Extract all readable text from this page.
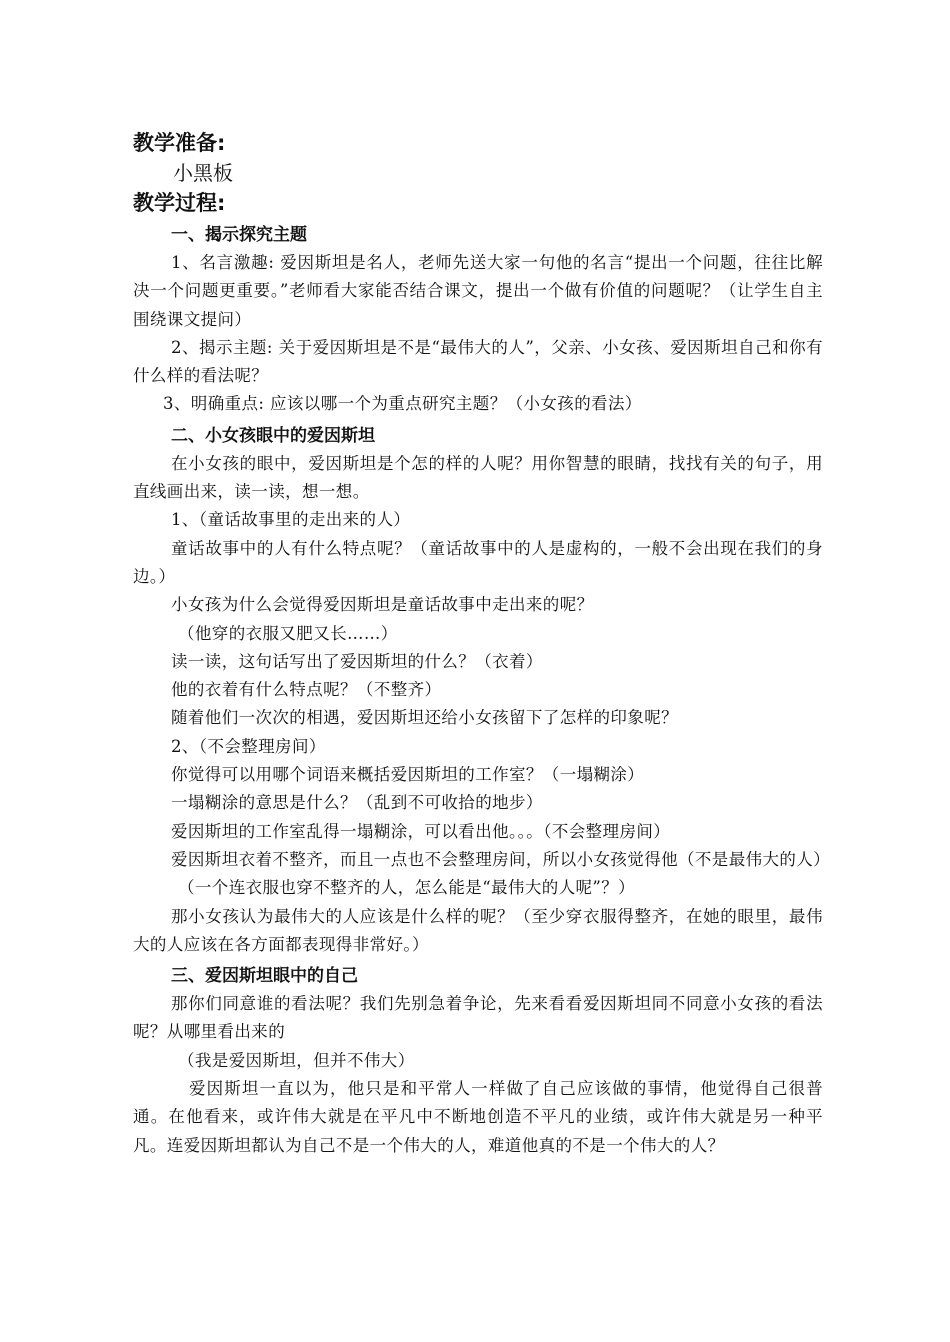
教学准备:
小黑板
教学过程:
一、揭示探究主题

1、名言激趣: 爱因斯坦是名人，老师先送大家一句他的名言“提出一个问题，往往比解决一个问题更重要。”老师看大家能否结合课文，提出一个做有价值的问题呢？（让学生自主围绕课文提问）

2、揭示主题: 关于爱因斯坦是不是“最伟大的人”，父亲、小女孩、爱因斯坦自己和你有什么样的看法呢？

3、明确重点: 应该以哪一个为重点研究主题？（小女孩的看法）

二、小女孩眼中的爱因斯坦

在小女孩的眼中，爱因斯坦是个怎的样的人呢？用你智慧的眼睛，找找有关的句子，用直线画出来，读一读，想一想。

1、（童话故事里的走出来的人）

童话故事中的人有什么特点呢？（童话故事中的人是虚构的，一般不会出现在我们的身边。）

小女孩为什么会觉得爱因斯坦是童话故事中走出来的呢？

（他穿的衣服又肥又长……）

读一读，这句话写出了爱因斯坦的什么？（衣着）

他的衣着有什么特点呢？（不整齐）

随着他们一次次的相遇，爱因斯坦还给小女孩留下了怎样的印象呢？

2、（不会整理房间）

你觉得可以用哪个词语来概括爱因斯坦的工作室？（一塌糊涂）

一塌糊涂的意思是什么？（乱到不可收拾的地步）

爱因斯坦的工作室乱得一塌糊涂，可以看出他。。。（不会整理房间）

爱因斯坦衣着不整齐，而且一点也不会整理房间，所以小女孩觉得他（不是最伟大的人）

（一个连衣服也穿不整齐的人，怎么能是“最伟大的人呢”？）

那小女孩认为最伟大的人应该是什么样的呢？（至少穿衣服得整齐，在她的眼里，最伟大的人应该在各方面都表现得非常好。）

三、爱因斯坦眼中的自己

那你们同意谁的看法呢？我们先别急着争论，先来看看爱因斯坦同不同意小女孩的看法呢？从哪里看出来的

（我是爱因斯坦，但并不伟大）

爱因斯坦一直以为，他只是和平常人一样做了自己应该做的事情，他觉得自己很普通。在他看来，或许伟大就是在平凡中不断地创造不平凡的业绩，或许伟大就是另一种平凡。连爱因斯坦都认为自己不是一个伟大的人，难道他真的不是一个伟大的人？
